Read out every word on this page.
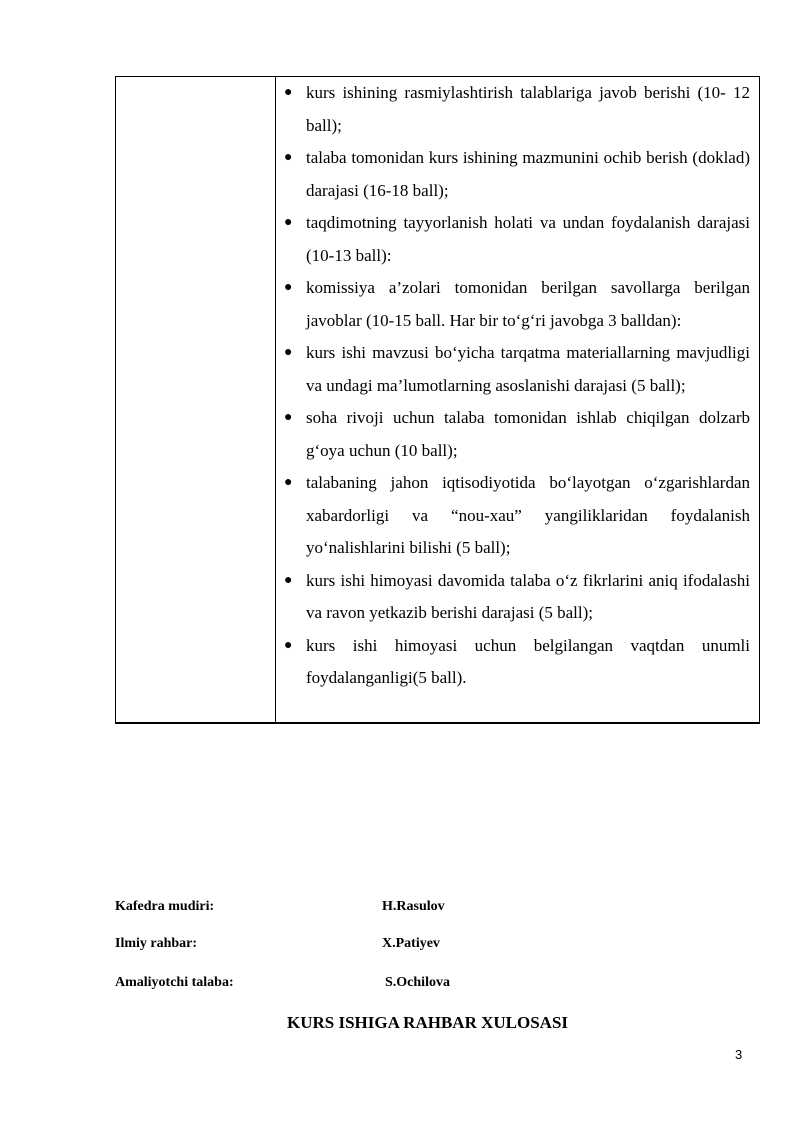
● kurs ishining rasmiylashtirish talablariga javob berishi (10- 12 ball);
● talaba tomonidan kurs ishining mazmunini ochib berish (doklad) darajasi (16-18 ball);
● taqdimotning tayyorlanish holati va undan foydalanish darajasi (10-13 ball):
● komissiya a’zolari tomonidan berilgan savollarga berilgan javoblar (10-15 ball. Har bir to‘g‘ri javobga 3 balldan):
● kurs ishi mavzusi bo‘yicha tarqatma materiallarning mavjudligi va undagi ma’lumotlarning asoslanishi darajasi (5 ball);
● soha rivoji uchun talaba tomonidan ishlab chiqilgan dolzarb g‘oya uchun (10 ball);
● talabaning jahon iqtisodiyotida bo‘layotgan o‘zgarishlardan xabardorligi va “nou-xau” yangiliklaridan foydalanish yo‘nalishlarini bilishi (5 ball);
● kurs ishi himoyasi davomida talaba o‘z fikrlarini aniq ifodalashi va ravon yetkazib berishi darajasi (5 ball);
● kurs ishi himoyasi uchun belgilangan vaqtdan unumli foydalanganligi(5 ball).
Kafedra mudiri:	H.Rasulov
Ilmiy rahbar:	X.Patiyev
Amaliyotchi talaba:	S.Ochilova
KURS ISHIGA RAHBAR XULOSASI
3
